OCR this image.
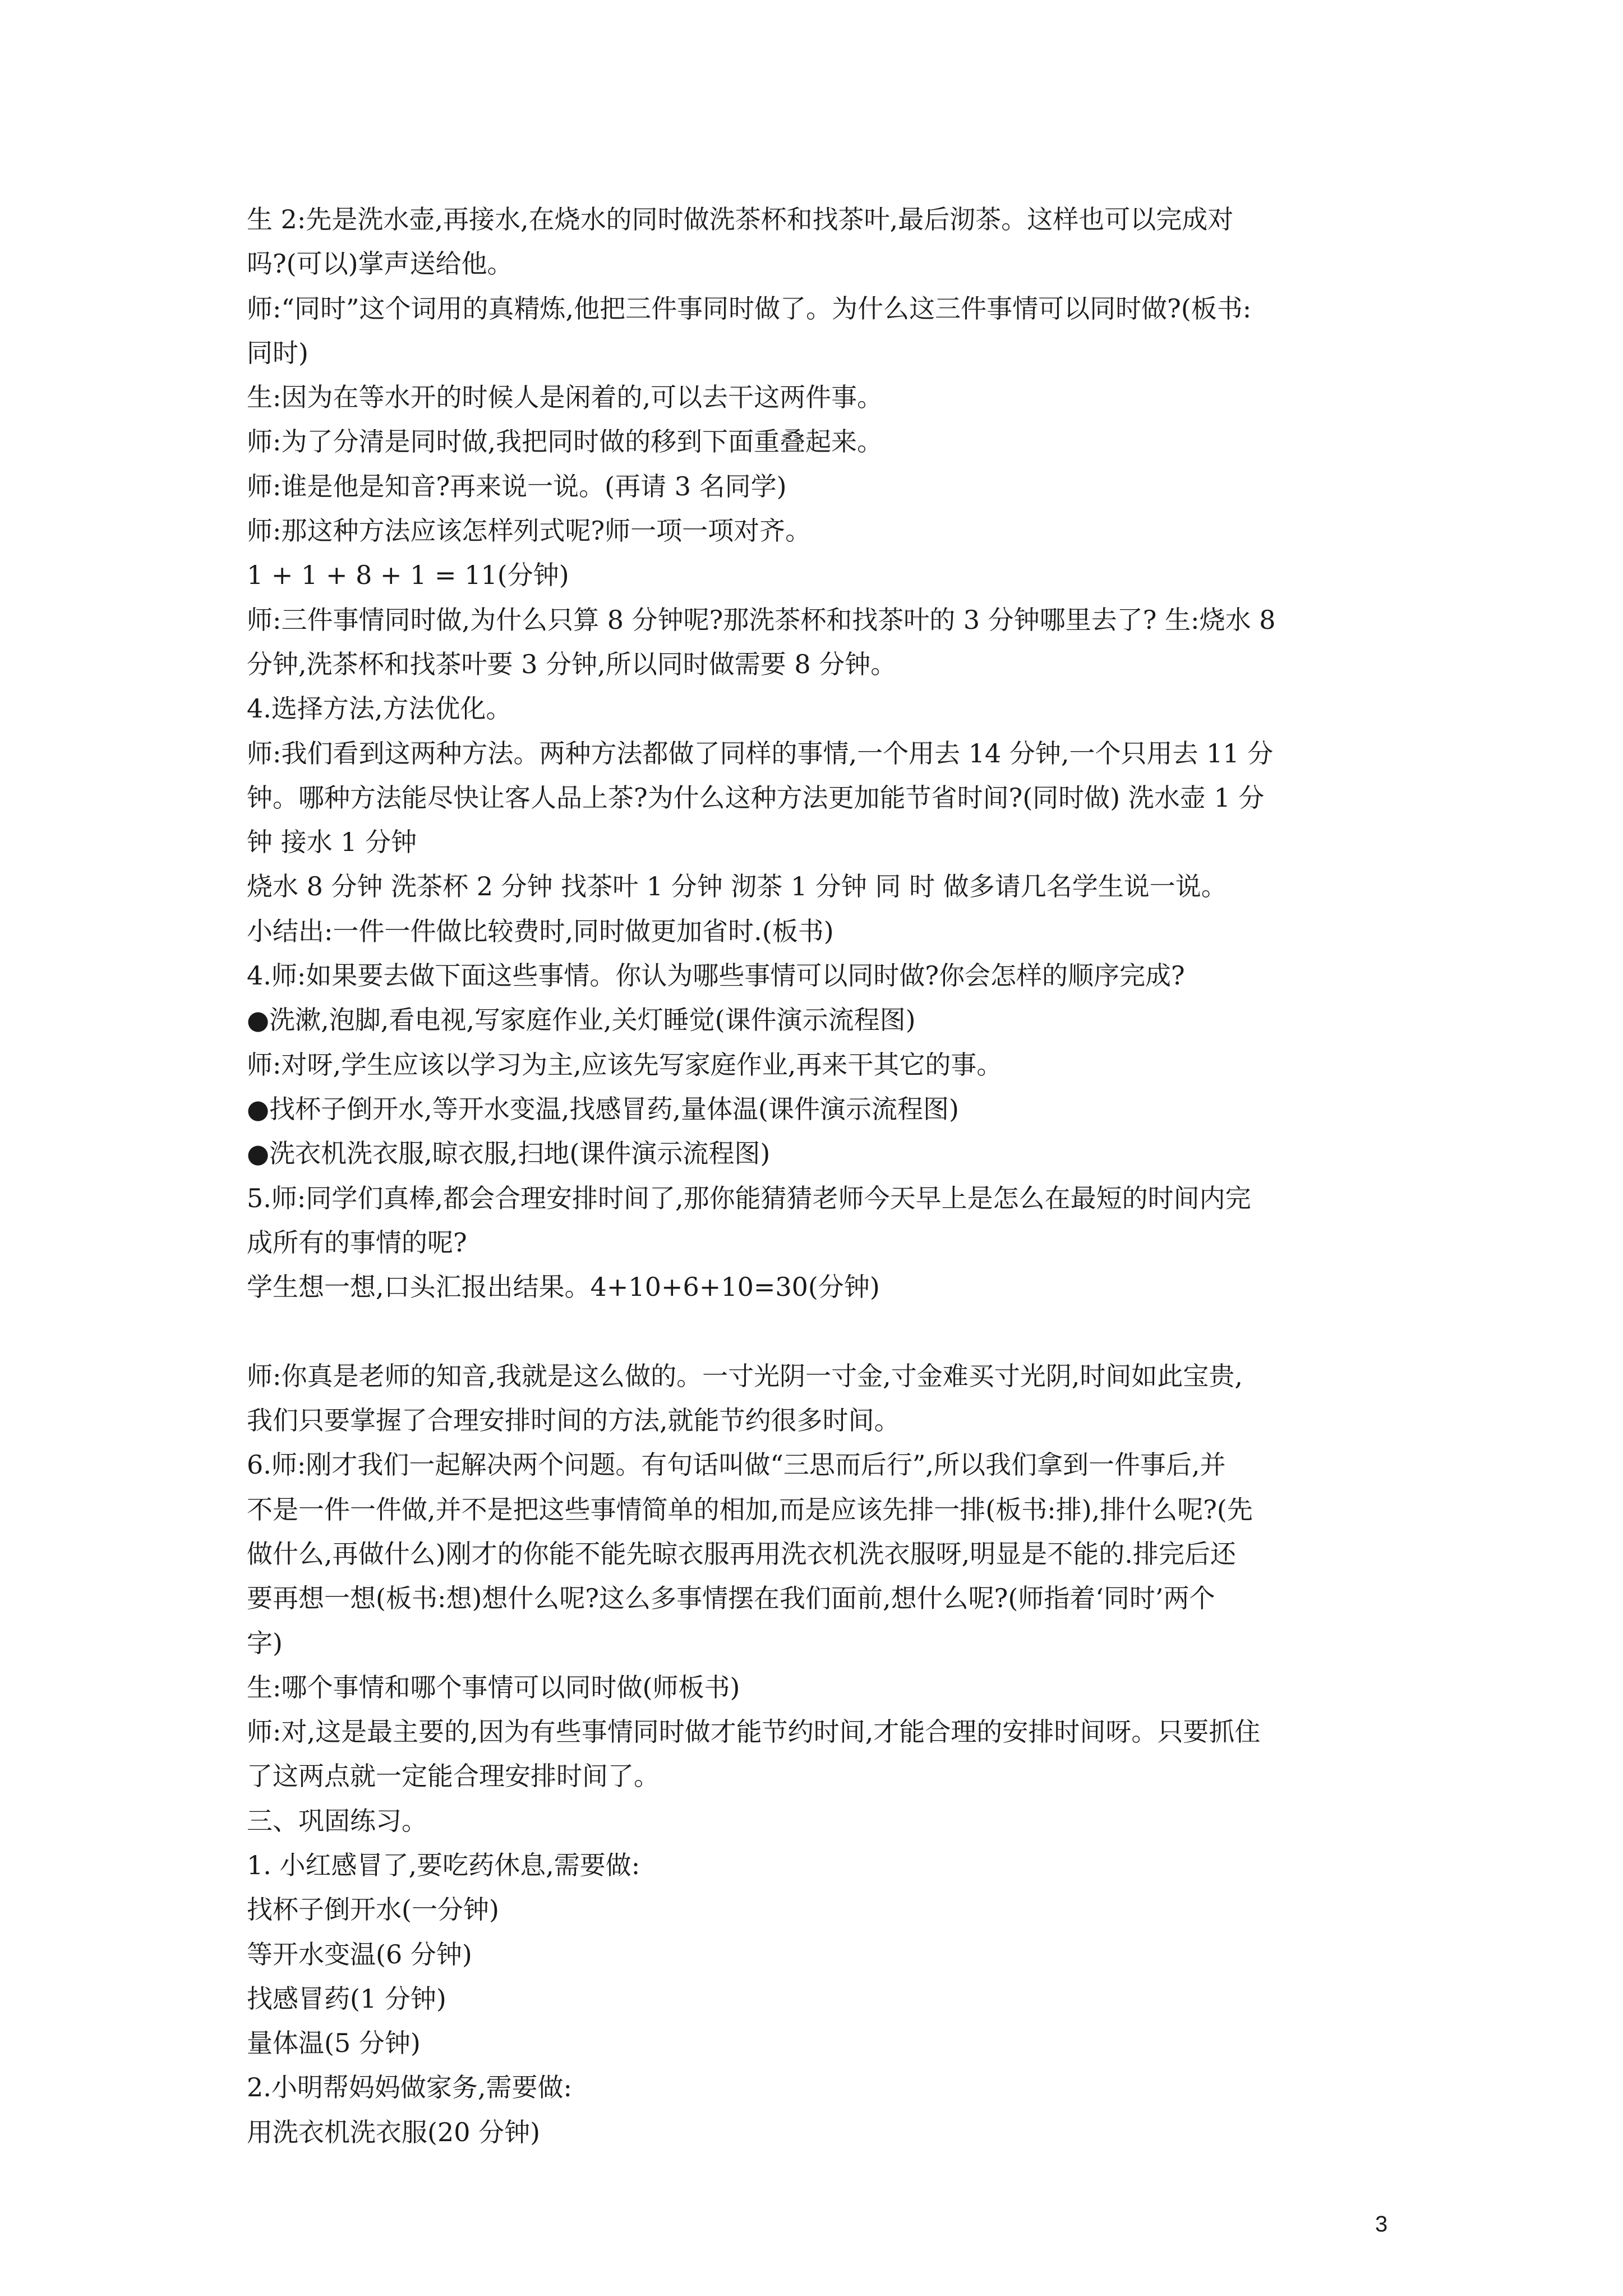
生 2:先是洗水壶,再接水,在烧水的同时做洗茶杯和找茶叶,最后沏茶。这样也可以完成对
吗?(可以)掌声送给他。
师:“同时”这个词用的真精炼,他把三件事同时做了。为什么这三件事情可以同时做?(板书:
同时)
生:因为在等水开的时候人是闲着的,可以去干这两件事。
师:为了分清是同时做,我把同时做的移到下面重叠起来。
师:谁是他是知音?再来说一说。(再请 3 名同学)
师:那这种方法应该怎样列式呢?师一项一项对齐。
1 + 1 + 8 + 1 = 11(分钟)
师:三件事情同时做,为什么只算 8 分钟呢?那洗茶杯和找茶叶的 3 分钟哪里去了? 生:烧水 8
分钟,洗茶杯和找茶叶要 3 分钟,所以同时做需要 8 分钟。
4.选择方法,方法优化。
师:我们看到这两种方法。两种方法都做了同样的事情,一个用去 14 分钟,一个只用去 11 分
钟。哪种方法能尽快让客人品上茶?为什么这种方法更加能节省时间?(同时做) 洗水壶 1 分
钟 接水 1 分钟
烧水 8 分钟 洗茶杯 2 分钟 找茶叶 1 分钟 沏茶 1 分钟 同 时 做多请几名学生说一说。
小结出:一件一件做比较费时,同时做更加省时.(板书)
4.师:如果要去做下面这些事情。你认为哪些事情可以同时做?你会怎样的顺序完成?
●洗漱,泡脚,看电视,写家庭作业,关灯睡觉(课件演示流程图)
师:对呀,学生应该以学习为主,应该先写家庭作业,再来干其它的事。
●找杯子倒开水,等开水变温,找感冒药,量体温(课件演示流程图)
●洗衣机洗衣服,晾衣服,扫地(课件演示流程图)
5.师:同学们真棒,都会合理安排时间了,那你能猜猜老师今天早上是怎么在最短的时间内完
成所有的事情的呢?
学生想一想,口头汇报出结果。4+10+6+10=30(分钟)
师:你真是老师的知音,我就是这么做的。一寸光阴一寸金,寸金难买寸光阴,时间如此宝贵,
我们只要掌握了合理安排时间的方法,就能节约很多时间。
6.师:刚才我们一起解决两个问题。有句话叫做“三思而后行”,所以我们拿到一件事后,并
不是一件一件做,并不是把这些事情简单的相加,而是应该先排一排(板书:排),排什么呢?(先
做什么,再做什么)刚才的你能不能先晾衣服再用洗衣机洗衣服呀,明显是不能的.排完后还
要再想一想(板书:想)想什么呢?这么多事情摆在我们面前,想什么呢?(师指着‘同时’两个
字)
生:哪个事情和哪个事情可以同时做(师板书)
师:对,这是最主要的,因为有些事情同时做才能节约时间,才能合理的安排时间呀。只要抓住
了这两点就一定能合理安排时间了。
三、巩固练习。
1. 小红感冒了,要吃药休息,需要做:
找杯子倒开水(一分钟)
等开水变温(6 分钟)
找感冒药(1 分钟)
量体温(5 分钟)
2.小明帮妈妈做家务,需要做:
用洗衣机洗衣服(20 分钟)
3
